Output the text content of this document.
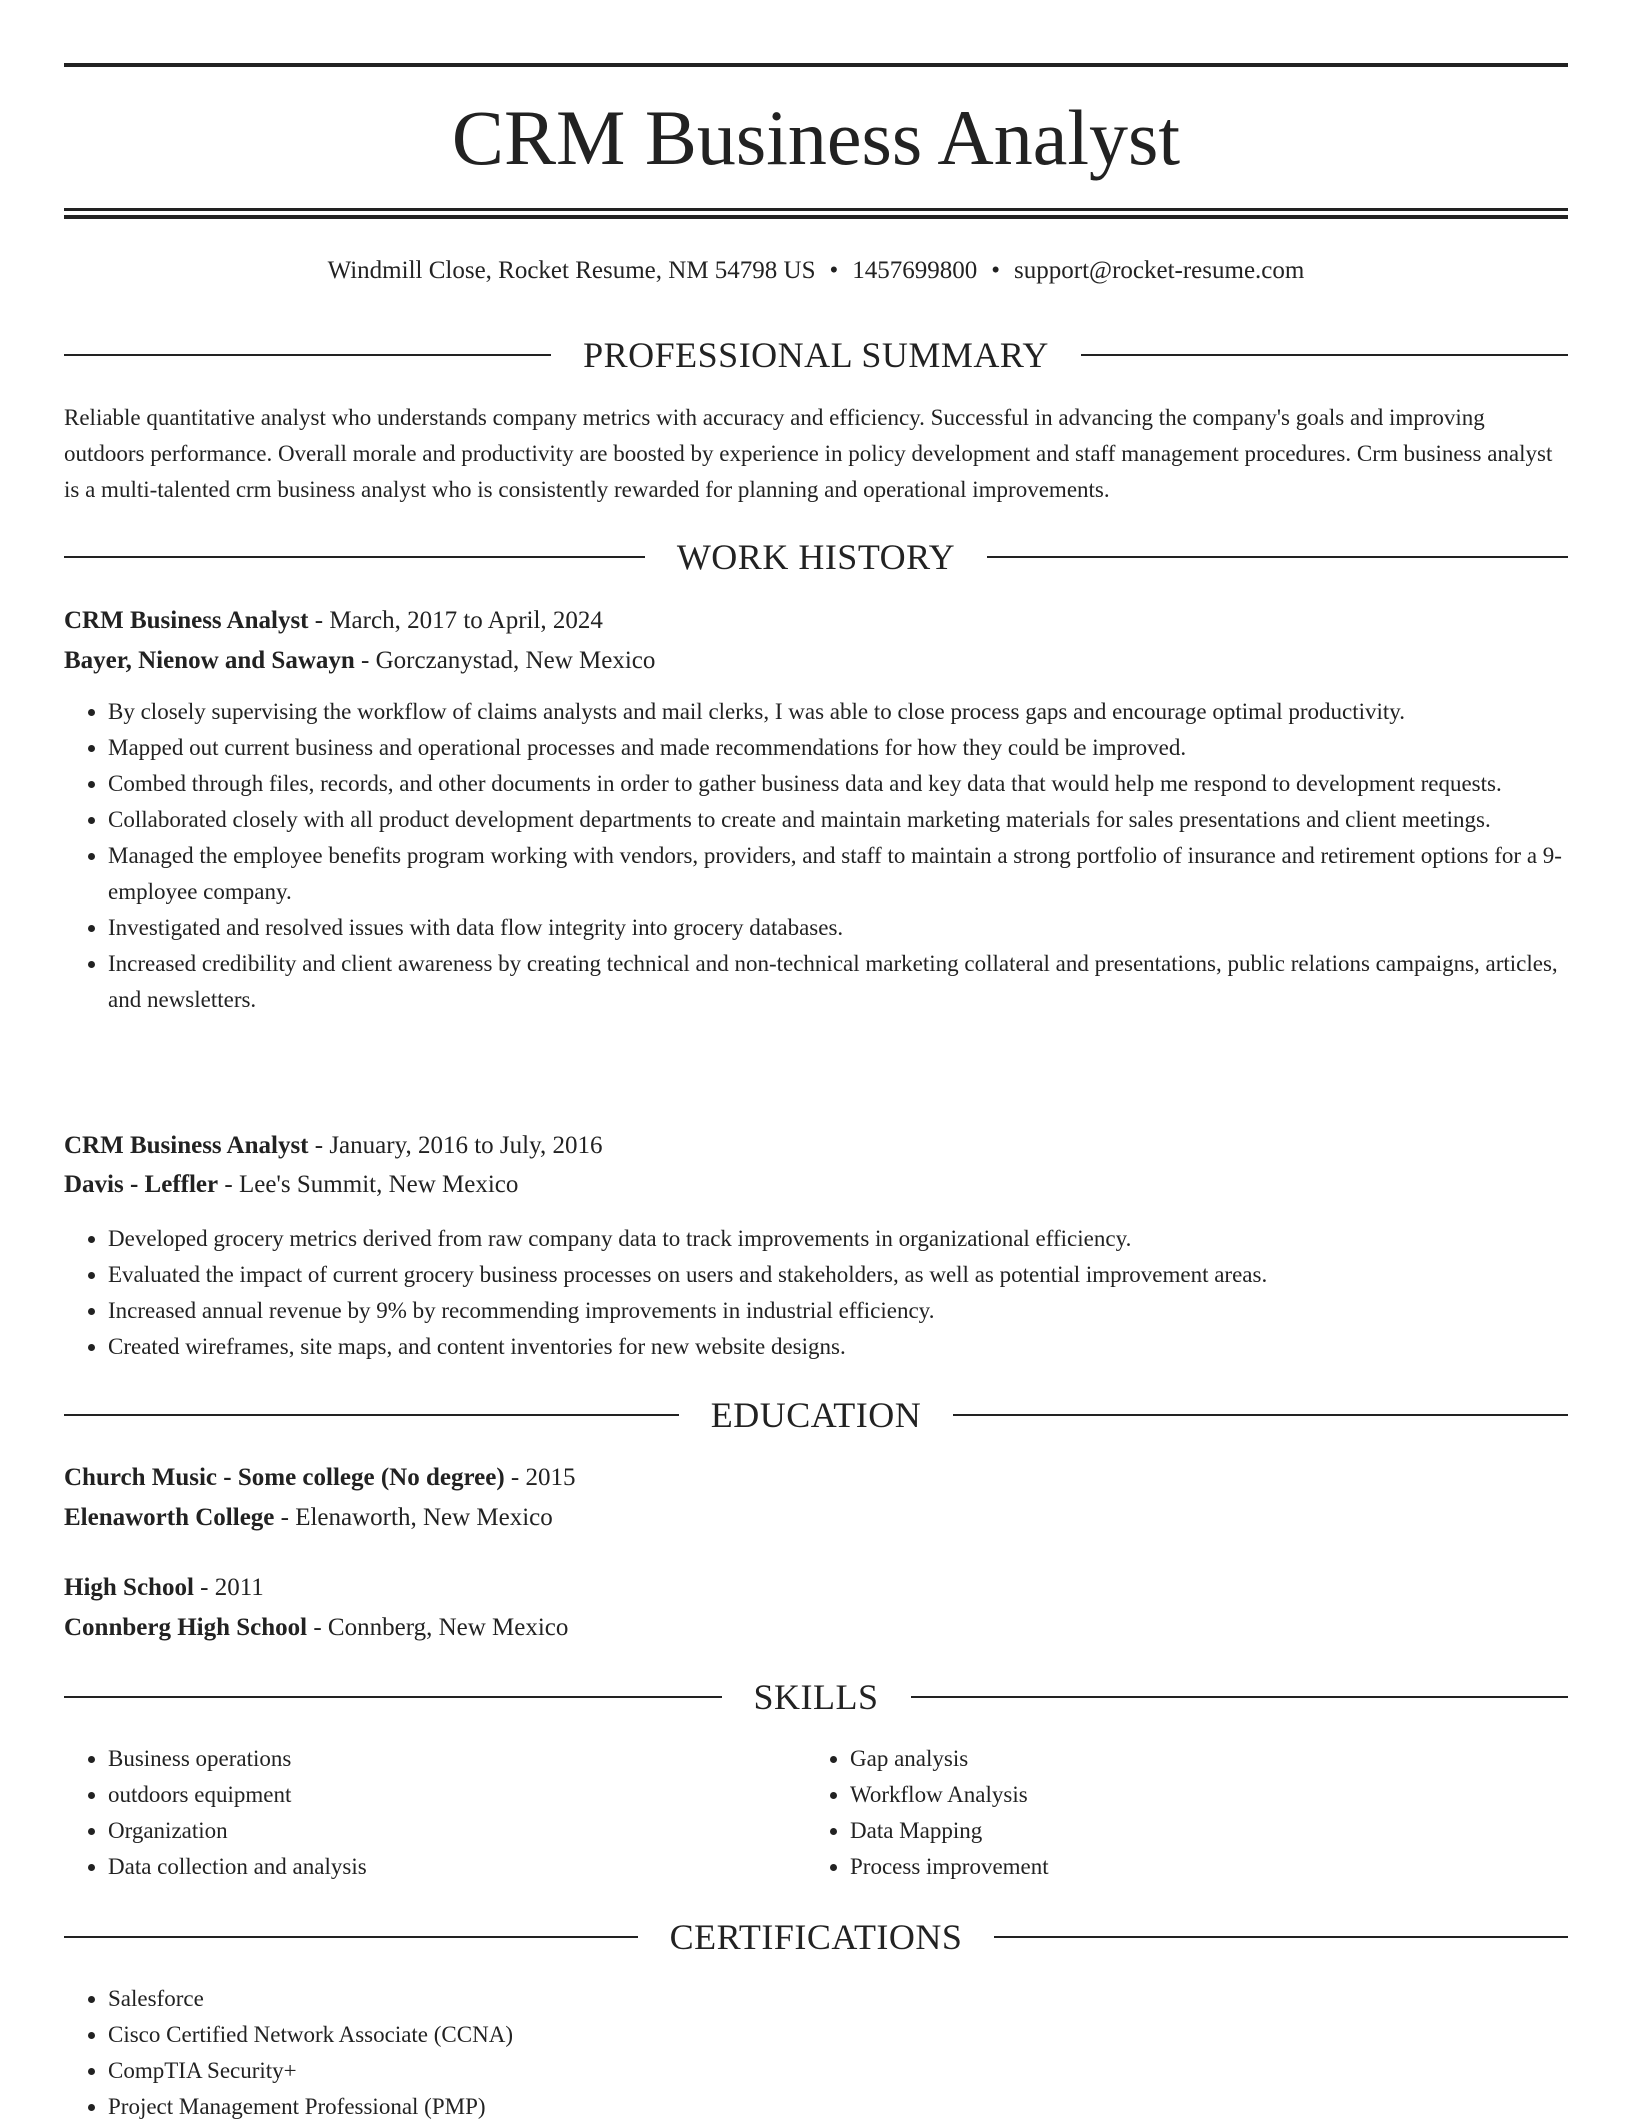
CRM Business Analyst
Windmill Close, Rocket Resume, NM 54798 US • 1457699800 • support@rocket-resume.com
PROFESSIONAL SUMMARY

Reliable quantitative analyst who understands company metrics with accuracy and efficiency. Successful in advancing the company's goals and improving outdoors performance. Overall morale and productivity are boosted by experience in policy development and staff management procedures. Crm business analyst is a multi-talented crm business analyst who is consistently rewarded for planning and operational improvements.

WORK HISTORY
CRM Business Analyst - March, 2017 to April, 2024
Bayer, Nienow and Sawayn - Gorczanystad, New Mexico
• By closely supervising the workflow of claims analysts and mail clerks, I was able to close process gaps and encourage optimal productivity.
• Mapped out current business and operational processes and made recommendations for how they could be improved.
• Combed through files, records, and other documents in order to gather business data and key data that would help me respond to development requests.
• Collaborated closely with all product development departments to create and maintain marketing materials for sales presentations and client meetings.
• Managed the employee benefits program working with vendors, providers, and staff to maintain a strong portfolio of insurance and retirement options for a 9-employee company.
• Investigated and resolved issues with data flow integrity into grocery databases.
• Increased credibility and client awareness by creating technical and non-technical marketing collateral and presentations, public relations campaigns, articles, and newsletters.
CRM Business Analyst - January, 2016 to July, 2016
Davis - Leffler - Lee's Summit, New Mexico
• Developed grocery metrics derived from raw company data to track improvements in organizational efficiency.
• Evaluated the impact of current grocery business processes on users and stakeholders, as well as potential improvement areas.
• Increased annual revenue by 9% by recommending improvements in industrial efficiency.
• Created wireframes, site maps, and content inventories for new website designs.
EDUCATION
Church Music - Some college (No degree) - 2015
Elenaworth College - Elenaworth, New Mexico
High School - 2011
Connberg High School - Connberg, New Mexico
SKILLS
• Business operations
• outdoors equipment
• Organization
• Data collection and analysis
• Gap analysis
• Workflow Analysis
• Data Mapping
• Process improvement
CERTIFICATIONS
• Salesforce
• Cisco Certified Network Associate (CCNA)
• CompTIA Security+
• Project Management Professional (PMP)
